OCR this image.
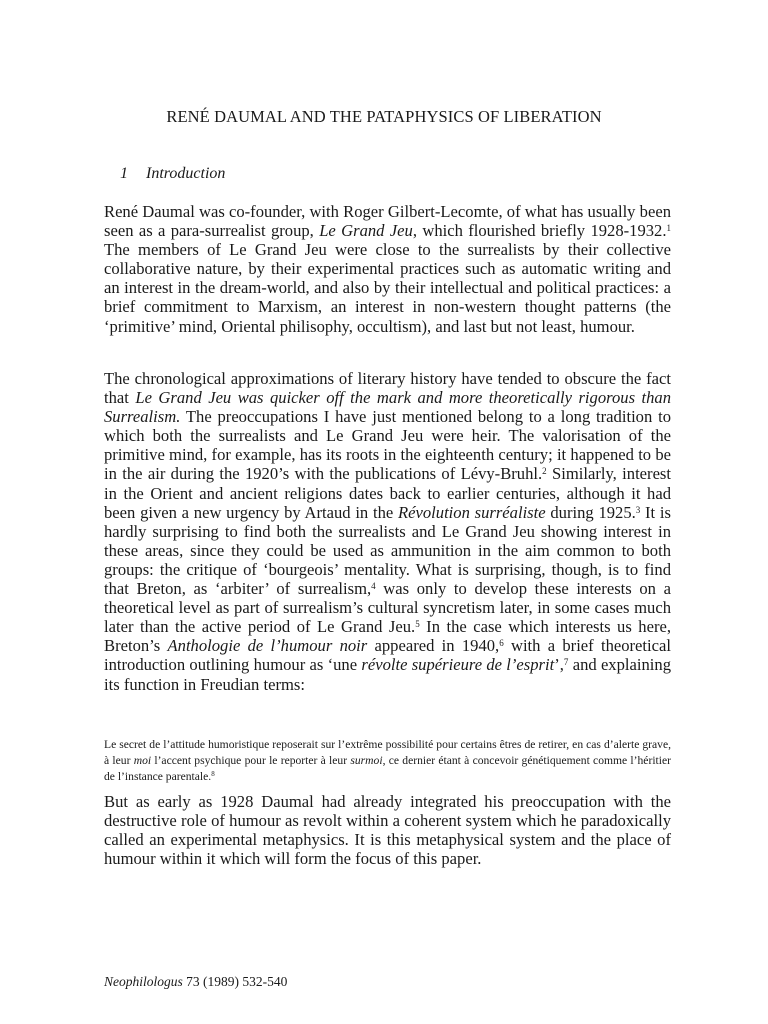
RENÉ DAUMAL AND THE PATAPHYSICS OF LIBERATION
1 Introduction

René Daumal was co-founder, with Roger Gilbert-Lecomte, of what has usually been seen as a para-surrealist group, Le Grand Jeu, which flourished briefly 1928-1932.$^1$ The members of Le Grand Jeu were close to the surrealists by their collective collaborative nature, by their experimental practices such as automatic writing and an interest in the dream-world, and also by their intellectual and political practices: a brief commitment to Marxism, an interest in non-western thought patterns (the ‘primitive’ mind, Oriental philisophy, occultism), and last but not least, humour.

The chronological approximations of literary history have tended to obscure the fact that Le Grand Jeu was quicker off the mark and more theoretically rigorous than Surrealism. The preoccupations I have just mentioned belong to a long tradition to which both the surrealists and Le Grand Jeu were heir. The valorisation of the primitive mind, for example, has its roots in the eighteenth century; it happened to be in the air during the 1920’s with the publications of Lévy-Bruhl.$^2$ Similarly, interest in the Orient and ancient religions dates back to earlier centuries, although it had been given a new urgency by Artaud in the Révolution surréaliste during 1925.$^3$ It is hardly surprising to find both the surrealists and Le Grand Jeu showing interest in these areas, since they could be used as ammunition in the aim common to both groups: the critique of ‘bourgeois’ mentality. What is surprising, though, is to find that Breton, as ‘arbiter’ of surrealism,$^4$ was only to develop these interests on a theoretical level as part of surrealism’s cultural syncretism later, in some cases much later than the active period of Le Grand Jeu.$^5$ In the case which interests us here, Breton’s Anthologie de l’humour noir appeared in 1940,$^6$ with a brief theoretical introduction outlining humour as ‘une révolte supérieure de l’esprit’,$^7$ and explaining its function in Freudian terms:

Le secret de l’attitude humoristique reposerait sur l’extrême possibilité pour certains êtres de retirer, en cas d’alerte grave, à leur moi l’accent psychique pour le reporter à leur surmoi, ce dernier étant à concevoir génétiquement comme l’héritier de l’instance parentale.$^8$

But as early as 1928 Daumal had already integrated his preoccupation with the destructive role of humour as revolt within a coherent system which he paradoxically called an experimental metaphysics. It is this metaphysical system and the place of humour within it which will form the focus of this paper.

Neophilologus 73 (1989) 532-540
